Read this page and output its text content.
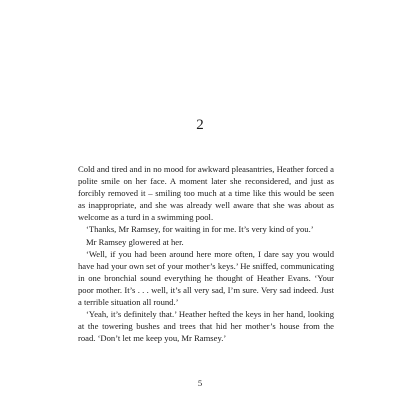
2

Cold and tired and in no mood for awkward pleasantries, Heather forced a polite smile on her face. A moment later she reconsidered, and just as forcibly removed it – smiling too much at a time like this would be seen as inappropriate, and she was already well aware that she was about as welcome as a turd in a swimming pool.

‘Thanks, Mr Ramsey, for waiting in for me. It’s very kind of you.’

Mr Ramsey glowered at her.

‘Well, if you had been around here more often, I dare say you would have had your own set of your mother’s keys.’ He sniffed, communicating in one bronchial sound everything he thought of Heather Evans. ‘Your poor mother. It’s . . . well, it’s all very sad, I’m sure. Very sad indeed. Just a terrible situation all round.’

‘Yeah, it’s definitely that.’ Heather hefted the keys in her hand, looking at the towering bushes and trees that hid her mother’s house from the road. ‘Don’t let me keep you, Mr Ramsey.’

5
